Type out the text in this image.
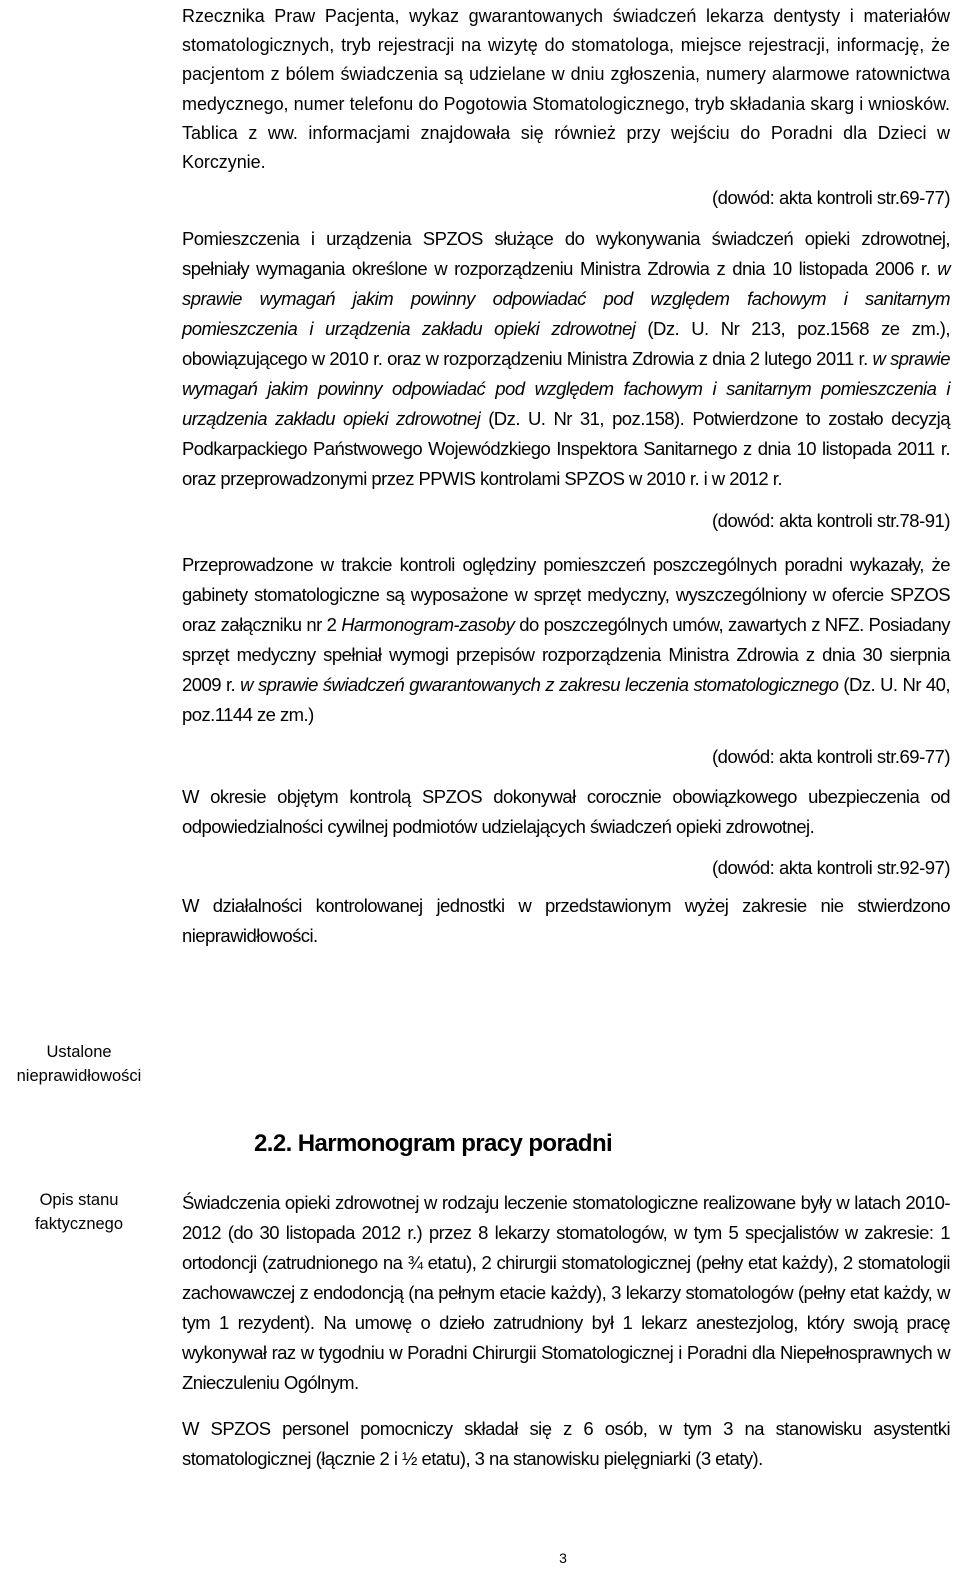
Rzecznika Praw Pacjenta, wykaz gwarantowanych świadczeń lekarza dentysty i materiałów stomatologicznych, tryb rejestracji na wizytę do stomatologa, miejsce rejestracji, informację, że pacjentom z bólem świadczenia są udzielane w dniu zgłoszenia, numery alarmowe ratownictwa medycznego, numer telefonu do Pogotowia Stomatologicznego, tryb składania skarg i wniosków. Tablica z ww. informacjami znajdowała się również przy wejściu do Poradni dla Dzieci w Korczynie.

(dowód: akta kontroli str.69-77)

Pomieszczenia i urządzenia SPZOS służące do wykonywania świadczeń opieki zdrowotnej, spełniały wymagania określone w rozporządzeniu Ministra Zdrowia z dnia 10 listopada 2006 r. w sprawie wymagań jakim powinny odpowiadać pod względem fachowym i sanitarnym pomieszczenia i urządzenia zakładu opieki zdrowotnej (Dz. U. Nr 213, poz.1568 ze zm.), obowiązującego w 2010 r. oraz w rozporządzeniu Ministra Zdrowia z dnia 2 lutego 2011 r. w sprawie wymagań jakim powinny odpowiadać pod względem fachowym i sanitarnym pomieszczenia i urządzenia zakładu opieki zdrowotnej (Dz. U. Nr 31, poz.158). Potwierdzone to zostało decyzją Podkarpackiego Państwowego Wojewódzkiego Inspektora Sanitarnego z dnia 10 listopada 2011 r. oraz przeprowadzonymi przez PPWIS kontrolami SPZOS w 2010 r. i w 2012 r.

(dowód: akta kontroli str.78-91)

Przeprowadzone w trakcie kontroli oględziny pomieszczeń poszczególnych poradni wykazały, że gabinety stomatologiczne są wyposażone w sprzęt medyczny, wyszczególniony w ofercie SPZOS oraz załączniku nr 2 Harmonogram-zasoby do poszczególnych umów, zawartych z NFZ. Posiadany sprzęt medyczny spełniał wymogi przepisów rozporządzenia Ministra Zdrowia z dnia 30 sierpnia 2009 r. w sprawie świadczeń gwarantowanych z zakresu leczenia stomatologicznego (Dz. U. Nr 40, poz.1144 ze zm.)

(dowód: akta kontroli str.69-77)

W okresie objętym kontrolą SPZOS dokonywał corocznie obowiązkowego ubezpieczenia od odpowiedzialności cywilnej podmiotów udzielających świadczeń opieki zdrowotnej.

(dowód: akta kontroli str.92-97)

W działalności kontrolowanej jednostki w przedstawionym wyżej zakresie nie stwierdzono nieprawidłowości.

Ustalone
nieprawidłowości
2.2. Harmonogram pracy poradni
Opis stanu
faktycznego

Świadczenia opieki zdrowotnej w rodzaju leczenie stomatologiczne realizowane były w latach 2010-2012 (do 30 listopada 2012 r.) przez 8 lekarzy stomatologów, w tym 5 specjalistów w zakresie: 1 ortodoncji (zatrudnionego na ¾ etatu), 2 chirurgii stomatologicznej (pełny etat każdy), 2 stomatologii zachowawczej z endodoncją (na pełnym etacie każdy), 3 lekarzy stomatologów (pełny etat każdy, w tym 1 rezydent). Na umowę o dzieło zatrudniony był 1 lekarz anestezjolog, który swoją pracę wykonywał raz w tygodniu w Poradni Chirurgii Stomatologicznej i Poradni dla Niepełnosprawnych w Znieczuleniu Ogólnym.

W SPZOS personel pomocniczy składał się z 6 osób, w tym 3 na stanowisku asystentki stomatologicznej (łącznie 2 i ½ etatu), 3 na stanowisku pielęgniarki (3 etaty).

3
